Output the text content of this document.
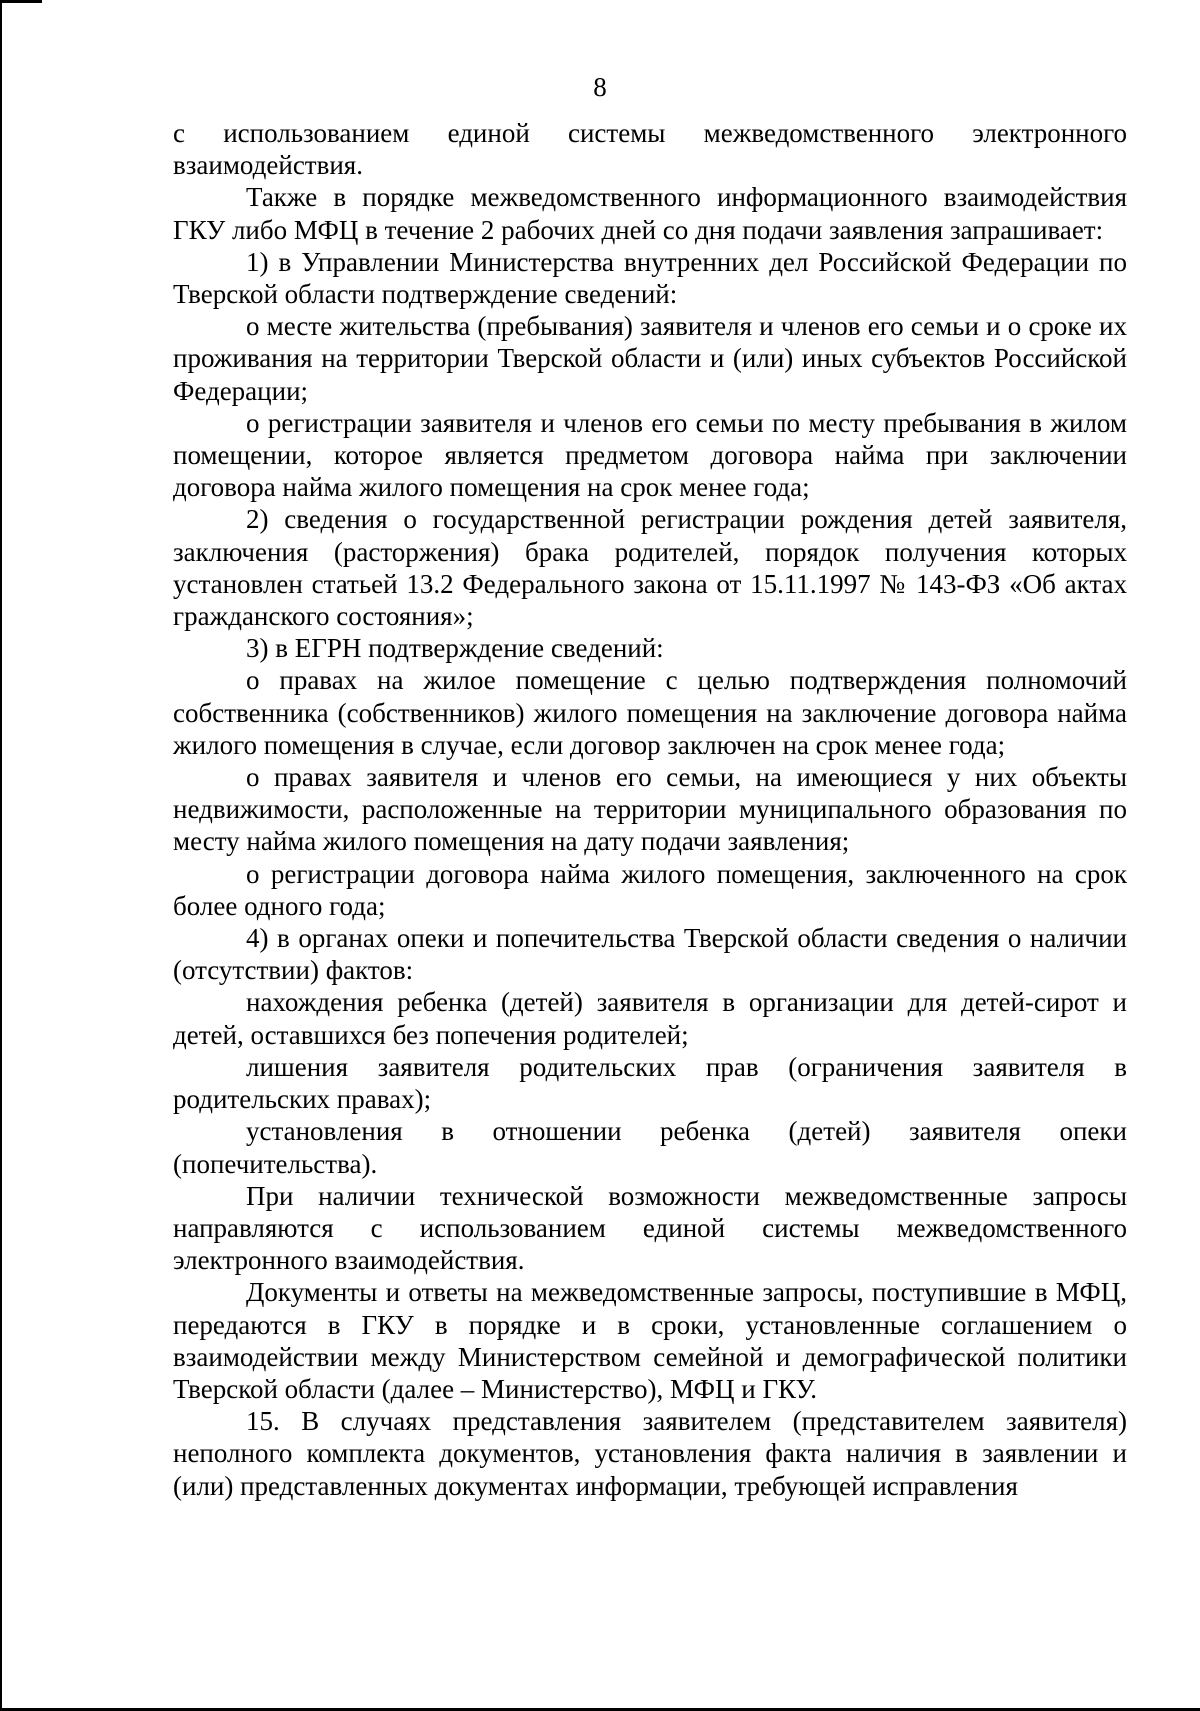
8

с использованием единой системы межведомственного электронного взаимодействия.

Также в порядке межведомственного информационного взаимодействия ГКУ либо МФЦ в течение 2 рабочих дней со дня подачи заявления запрашивает:

1) в Управлении Министерства внутренних дел Российской Федерации по Тверской области подтверждение сведений:

о месте жительства (пребывания) заявителя и членов его семьи и о сроке их проживания на территории Тверской области и (или) иных субъектов Российской Федерации;

о регистрации заявителя и членов его семьи по месту пребывания в жилом помещении, которое является предметом договора найма при заключении договора найма жилого помещения на срок менее года;

2) сведения о государственной регистрации рождения детей заявителя, заключения (расторжения) брака родителей, порядок получения которых установлен статьей 13.2 Федерального закона от 15.11.1997 № 143-ФЗ «Об актах гражданского состояния»;

3) в ЕГРН подтверждение сведений:

о правах на жилое помещение с целью подтверждения полномочий собственника (собственников) жилого помещения на заключение договора найма жилого помещения в случае, если договор заключен на срок менее года;

о правах заявителя и членов его семьи, на имеющиеся у них объекты недвижимости, расположенные на территории муниципального образования по месту найма жилого помещения на дату подачи заявления;

о регистрации договора найма жилого помещения, заключенного на срок более одного года;

4) в органах опеки и попечительства Тверской области сведения о наличии (отсутствии) фактов:

нахождения ребенка (детей) заявителя в организации для детей-сирот и детей, оставшихся без попечения родителей;

лишения заявителя родительских прав (ограничения заявителя в родительских правах);

установления в отношении ребенка (детей) заявителя опеки (попечительства).

При наличии технической возможности межведомственные запросы направляются с использованием единой системы межведомственного электронного взаимодействия.

Документы и ответы на межведомственные запросы, поступившие в МФЦ, передаются в ГКУ в порядке и в сроки, установленные соглашением о взаимодействии между Министерством семейной и демографической политики Тверской области (далее – Министерство), МФЦ и ГКУ.

15. В случаях представления заявителем (представителем заявителя) неполного комплекта документов, установления факта наличия в заявлении и (или) представленных документах информации, требующей исправления
